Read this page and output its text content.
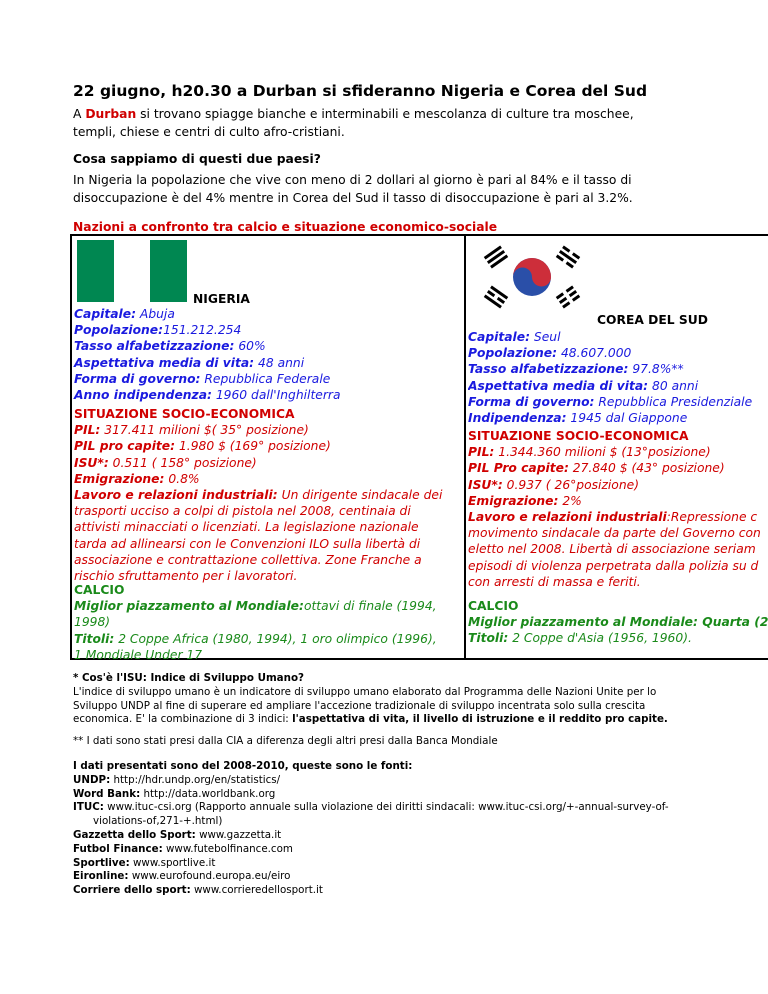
22 giugno, h20.30 a Durban si sfideranno Nigeria e Corea del Sud
A Durban si trovano spiagge bianche e interminabili e mescolanza di culture tra moschee,
templi, chiese e centri di culto afro-cristiani.
Cosa sappiamo di questi due paesi?
In Nigeria la popolazione che vive con meno di 2 dollari al giorno è pari al 84% e il tasso di
disoccupazione è del 4% mentre in Corea del Sud il tasso di disoccupazione è pari al 3.2%.
Nazioni a confronto tra calcio e situazione economico-sociale
NIGERIA
Capitale: Abuja
Popolazione:151.212.254
Tasso alfabetizzazione: 60%
Aspettativa media di vita: 48 anni
Forma di governo: Repubblica Federale
Anno indipendenza: 1960 dall'Inghilterra
SITUAZIONE SOCIO-ECONOMICA
PIL: 317.411 milioni $( 35° posizione)
PIL pro capite: 1.980 $ (169° posizione)
ISU*: 0.511 ( 158° posizione)
Emigrazione: 0.8%
Lavoro e relazioni industriali: Un dirigente sindacale dei
trasporti ucciso a colpi di pistola nel 2008, centinaia di
attivisti minacciati o licenziati. La legislazione nazionale
tarda ad allinearsi con le Convenzioni ILO sulla libertà di
associazione e contrattazione collettiva. Zone Franche a
rischio sfruttamento per i lavoratori.
CALCIO
Miglior piazzamento al Mondiale:ottavi di finale (1994,
1998)
Titoli: 2 Coppe Africa (1980, 1994), 1 oro olimpico (1996),
1 Mondiale Under 17
COREA DEL SUD
Capitale: Seul
Popolazione: 48.607.000
Tasso alfabetizzazione: 97.8%**
Aspettativa media di vita: 80 anni
Forma di governo: Repubblica Presidenziale
Indipendenza: 1945 dal Giappone
SITUAZIONE SOCIO-ECONOMICA
PIL: 1.344.360 milioni $ (13°posizione)
PIL Pro capite: 27.840 $ (43° posizione)
ISU*: 0.937 ( 26°posizione)
Emigrazione: 2%
Lavoro e relazioni industriali:Repressione c
movimento sindacale da parte del Governo con
eletto nel 2008. Libertà di associazione seriam
episodi di violenza perpetrata dalla polizia su d
con arresti di massa e feriti.
CALCIO
Miglior piazzamento al Mondiale: Quarta (2
Titoli: 2 Coppe d'Asia (1956, 1960).
* Cos'è l'ISU: Indice di Sviluppo Umano?
L'indice di sviluppo umano è un indicatore di sviluppo umano elaborato dal Programma delle Nazioni Unite per lo
Sviluppo UNDP al fine di superare ed ampliare l'accezione tradizionale di sviluppo incentrata solo sulla crescita
economica. E' la combinazione di 3 indici: l'aspettativa di vita, il livello di istruzione e il reddito pro capite.
** I dati sono stati presi dalla CIA a diferenza degli altri presi dalla Banca Mondiale
I dati presentati sono del 2008-2010, queste sono le fonti:
UNDP: http://hdr.undp.org/en/statistics/
Word Bank: http://data.worldbank.org
ITUC: www.ituc-csi.org (Rapporto annuale sulla violazione dei diritti sindacali: www.ituc-csi.org/+-annual-survey-of-
violations-of,271-+.html)
Gazzetta dello Sport: www.gazzetta.it
Futbol Finance: www.futebolfinance.com
Sportlive: www.sportlive.it
Eironline: www.eurofound.europa.eu/eiro
Corriere dello sport: www.corrieredellosport.it
